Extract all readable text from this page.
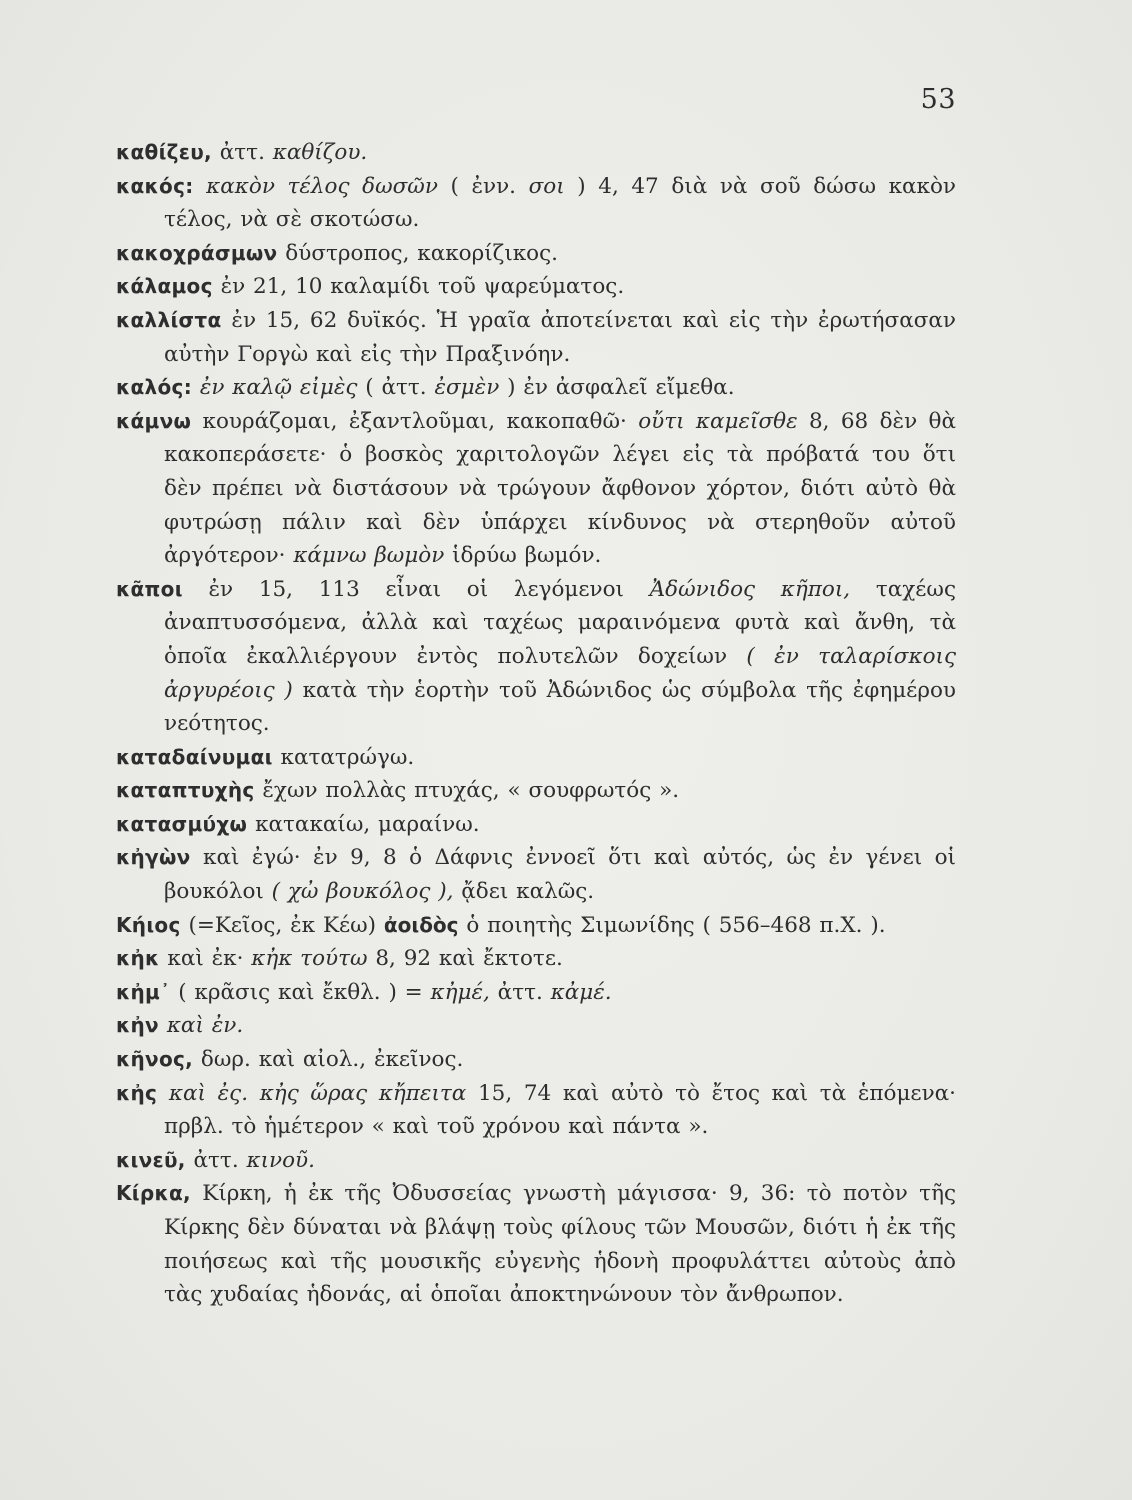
53
καθίζευ, ἀττ. καθίζου.
κακός: κακὸν τέλος δωσῶν ( ἐνν. σοι ) 4, 47 διὰ νὰ σοῦ δώσω κακὸν τέλος, νὰ σὲ σκοτώσω.
κακοχράσμων δύστροπος, κακορίζικος.
κάλαμος ἐν 21, 10 καλαμίδι τοῦ ψαρεύματος.
καλλίστα ἐν 15, 62 δυϊκός. Ἡ γραῖα ἀποτείνεται καὶ εἰς τὴν ἐρωτήσασαν αὐτὴν Γοργὼ καὶ εἰς τὴν Πραξινόην.
καλός: ἐν καλῷ εἰμὲς ( ἀττ. ἐσμὲν ) ἐν ἀσφαλεῖ εἴμεθα.
κάμνω κουράζομαι, ἐξαντλοῦμαι, κακοπαθῶ· οὔτι καμεῖσθε 8, 68 δὲν θὰ κακοπεράσετε· ὁ βοσκὸς χαριτολογῶν λέγει εἰς τὰ πρόβατά του ὅτι δὲν πρέπει νὰ διστάσουν νὰ τρώγουν ἄφθονον χόρτον, διότι αὐτὸ θὰ φυτρώσῃ πάλιν καὶ δὲν ὑπάρχει κίνδυνος νὰ στερηθοῦν αὐτοῦ ἀργότερον· κάμνω βωμὸν ἱδρύω βωμόν.
κᾶποι ἐν 15, 113 εἶναι οἱ λεγόμενοι Ἀδώνιδος κῆποι, ταχέως ἀναπτυσσόμενα, ἀλλὰ καὶ ταχέως μαραινόμενα φυτὰ καὶ ἄνθη, τὰ ὁποῖα ἐκαλλιέργουν ἐντὸς πολυτελῶν δοχείων ( ἐν ταλαρίσκοις ἀργυρέοις ) κατὰ τὴν ἑορτὴν τοῦ Ἀδώνιδος ὡς σύμβολα τῆς ἐφημέρου νεότητος.
καταδαίνυμαι κατατρώγω.
καταπτυχὴς ἔχων πολλὰς πτυχάς, « σουφρωτός ».
κατασμύχω κατακαίω, μαραίνω.
κἠγὼν καὶ ἐγώ· ἐν 9, 8 ὁ Δάφνις ἐννοεῖ ὅτι καὶ αὐτός, ὡς ἐν γένει οἱ βουκόλοι ( χὠ βουκόλος ), ᾄδει καλῶς.
Κήιος (=Κεῖος, ἐκ Κέω) ἀοιδὸς ὁ ποιητὴς Σιμωνίδης ( 556–468 π.Χ. ).
κἠκ καὶ ἐκ· κἠκ τούτω 8, 92 καὶ ἔκτοτε.
κἠμ᾽ ( κρᾶσις καὶ ἔκθλ. ) = κἠμέ, ἀττ. κἀμέ.
κἠν καὶ ἐν.
κῆνος, δωρ. καὶ αἰολ., ἐκεῖνος.
κἠς καὶ ἐς. κἠς ὥρας κἤπειτα 15, 74 καὶ αὐτὸ τὸ ἔτος καὶ τὰ ἑπόμενα· πρβλ. τὸ ἡμέτερον « καὶ τοῦ χρόνου καὶ πάντα ».
κινεῦ, ἀττ. κινοῦ.
Κίρκα, Κίρκη, ἡ ἐκ τῆς Ὀδυσσείας γνωστὴ μάγισσα· 9, 36: τὸ ποτὸν τῆς Κίρκης δὲν δύναται νὰ βλάψῃ τοὺς φίλους τῶν Μουσῶν, διότι ἡ ἐκ τῆς ποιήσεως καὶ τῆς μουσικῆς εὐγενὴς ἡδονὴ προφυλάττει αὐτοὺς ἀπὸ τὰς χυδαίας ἡδονάς, αἱ ὁποῖαι ἀποκτηνώνουν τὸν ἄνθρωπον.
